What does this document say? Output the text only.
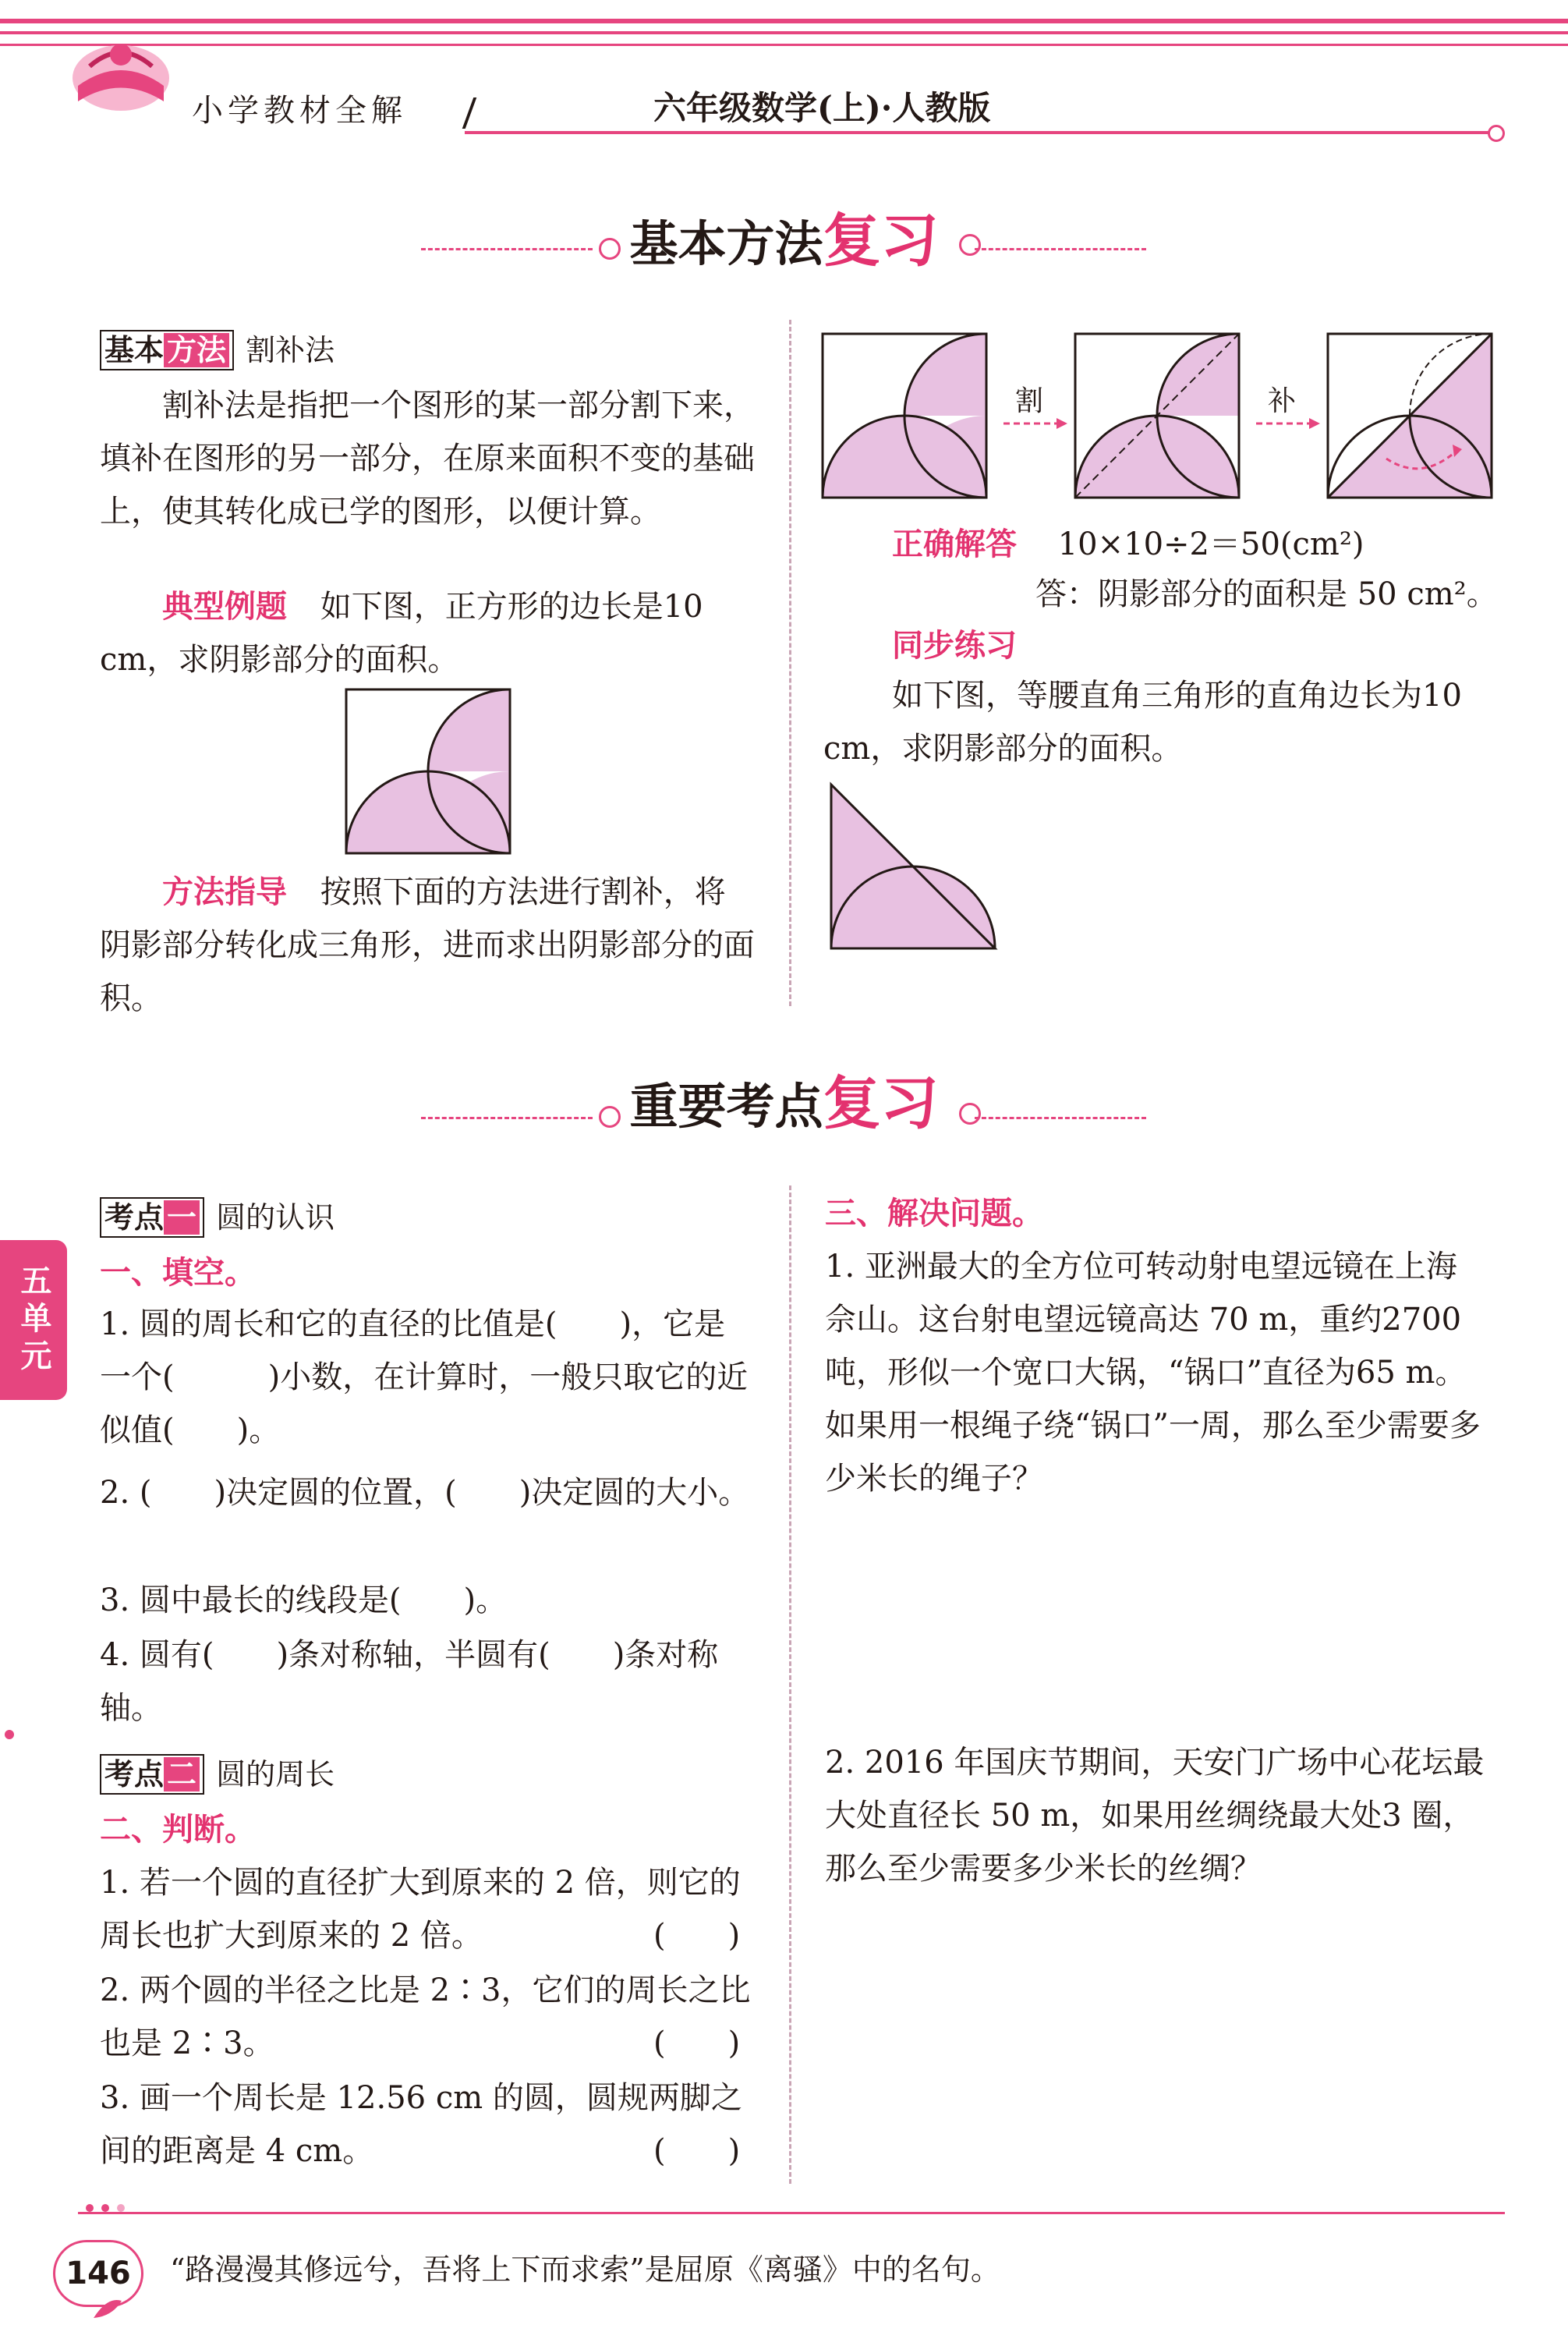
小学教材全解	六年级数学(上)·人教版
基本方法复习
基本 方法 割补法
割补法是指把一个图形的某一部分割下来，填补在图形的另一部分，在原来面积不变的基础上，使其转化成已学的图形，以便计算。
典型例题 如下图，正方形的边长是10 cm，求阴影部分的面积。
方法指导 按照下面的方法进行割补，将阴影部分转化成三角形，进而求出阴影部分的面积。
割	补
正确解答 10×10÷2＝50(cm²)
答：阴影部分的面积是 50 cm²。
同步练习
如下图，等腰直角三角形的直角边长为10 cm，求阴影部分的面积。
重要考点复习
五单元
考点 一 圆的认识
一、填空。
1. 圆的周长和它的直径的比值是(　　)，它是一个(　　　)小数，在计算时，一般只取它的近似值(　　)。
2. (　　)决定圆的位置，(　　)决定圆的大小。
3. 圆中最长的线段是(　　)。
4. 圆有(　　)条对称轴，半圆有(　　)条对称轴。
考点 二 圆的周长
二、判断。
1. 若一个圆的直径扩大到原来的 2 倍，则它的周长也扩大到原来的 2 倍。	(　　)
2. 两个圆的半径之比是 2∶3，它们的周长之比也是 2∶3。	(　　)
3. 画一个周长是 12.56 cm 的圆，圆规两脚之间的距离是 4 cm。	(　　)
三、解决问题。
1. 亚洲最大的全方位可转动射电望远镜在上海佘山。这台射电望远镜高达 70 m，重约2700 吨，形似一个宽口大锅，“锅口”直径为65 m。如果用一根绳子绕“锅口”一周，那么至少需要多少米长的绳子？
2. 2016 年国庆节期间，天安门广场中心花坛最大处直径长 50 m，如果用丝绸绕最大处3 圈，那么至少需要多少米长的丝绸？
146	“路漫漫其修远兮，吾将上下而求索”是屈原《离骚》中的名句。
